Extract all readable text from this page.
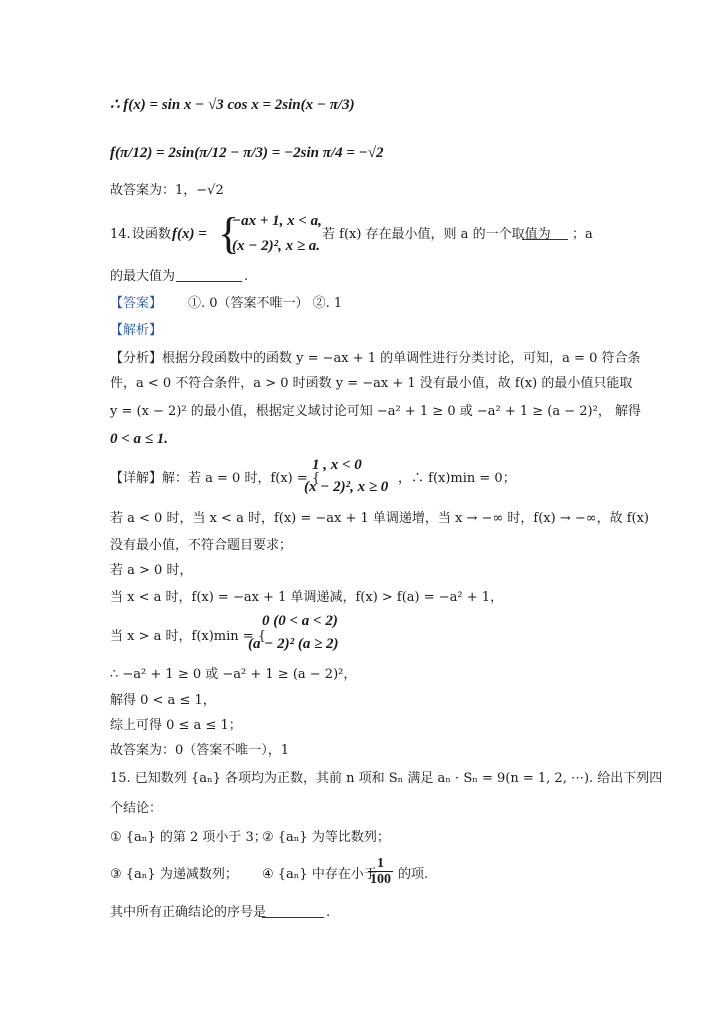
∴ f(x) = sin x − √3 cos x = 2sin(x − π/3)
f(π/12) = 2sin(π/12 − π/3) = −2sin π/4 = −√2
故答案为：1，−√2
14. 设函数 f(x) = {
−ax + 1, x < a,
(x − 2)², x ≥ a.
若 f(x) 存在最小值，则 a 的一个取值为 ；a
的最大值为	.
【答案】 ①. 0（答案不唯一） ②. 1
【解析】
【分析】根据分段函数中的函数 y = −ax + 1 的单调性进行分类讨论，可知，a = 0 符合条
件，a < 0 不符合条件，a > 0 时函数 y = −ax + 1 没有最小值，故 f(x) 的最小值只能取
y = (x − 2)² 的最小值，根据定义域讨论可知 −a² + 1 ≥ 0 或 −a² + 1 ≥ (a − 2)²， 解得
0 < a ≤ 1.
【详解】解：若 a = 0 时，f(x) = {
1 , x < 0
(x − 2)², x ≥ 0
，∴ f(x)min = 0；
若 a < 0 时，当 x < a 时，f(x) = −ax + 1 单调递增，当 x → −∞ 时，f(x) → −∞，故 f(x)
没有最小值，不符合题目要求；
若 a > 0 时，
当 x < a 时，f(x) = −ax + 1 单调递减，f(x) > f(a) = −a² + 1，
当 x > a 时，f(x)min = {
0 (0 < a < 2)
(a − 2)² (a ≥ 2)
∴ −a² + 1 ≥ 0 或 −a² + 1 ≥ (a − 2)²，
解得 0 < a ≤ 1，
综上可得 0 ≤ a ≤ 1；
故答案为：0（答案不唯一），1
15. 已知数列 {aₙ} 各项均为正数，其前 n 项和 Sₙ 满足 aₙ · Sₙ = 9(n = 1, 2, ⋯). 给出下列四
个结论：
① {aₙ} 的第 2 项小于 3；
② {aₙ} 为等比数列；
③ {aₙ} 为递减数列； ④ {aₙ} 中存在小于
$\frac{1}{100}$ 的项.
其中所有正确结论的序号是	.
